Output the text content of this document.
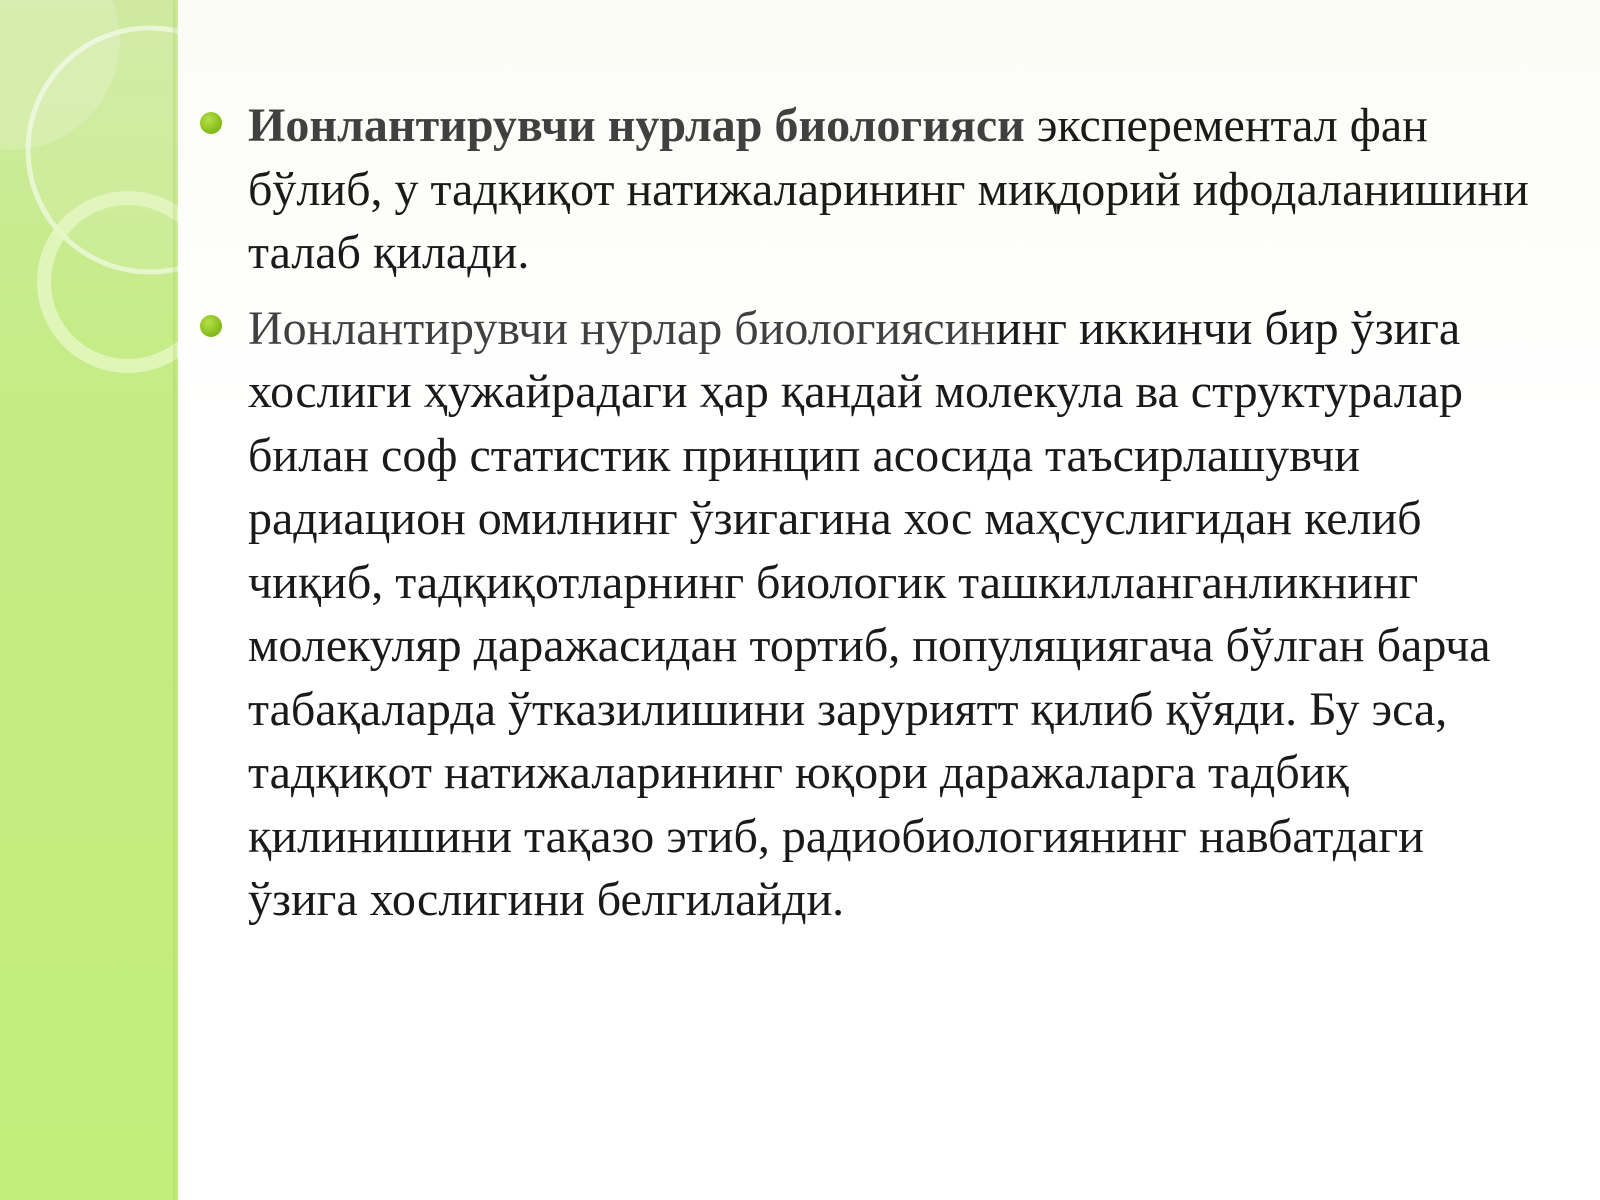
Ионлантирувчи нурлар биологияси эксперементал фан бўлиб, у тадқиқот натижаларининг миқдорий ифодаланишини талаб қилади.
Ионлантирувчи нурлар биологиясининг иккинчи бир ўзига хослиги ҳужайрадаги ҳар қандай молекула ва структуралар билан соф статистик принцип асосида таъсирлашувчи радиацион омилнинг ўзигагина хос маҳсуслигидан келиб чиқиб, тадқиқотларнинг биологик ташкилланганликнинг молекуляр даражасидан тортиб, популяциягача бўлган барча табақаларда ўтказилишини заруриятт қилиб қўяди. Бу эса, тадқиқот натижаларининг юқори даражаларга тадбиқ қилинишини тақазо этиб, радиобиологиянинг навбатдаги ўзига хослигини белгилайди.
